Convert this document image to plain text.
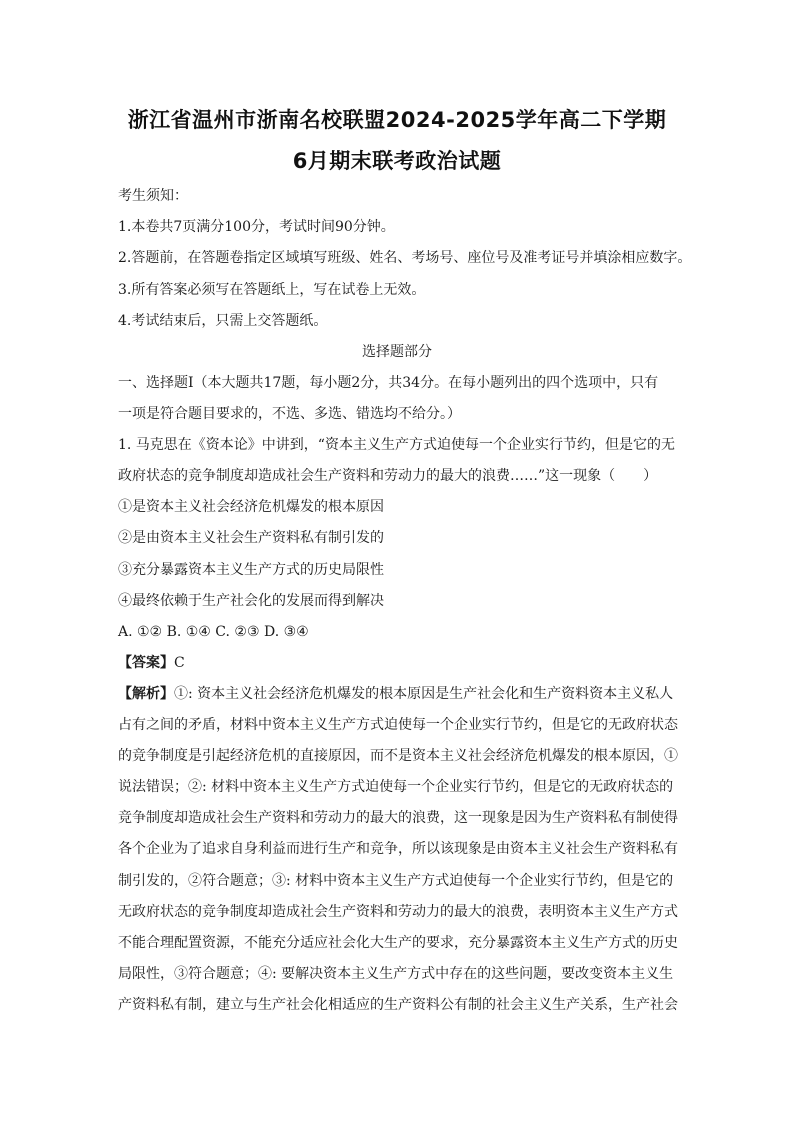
浙江省温州市浙南名校联盟2024-2025学年高二下学期
6月期末联考政治试题
考生须知：
1.本卷共7页满分100分，考试时间90分钟。
2.答题前，在答题卷指定区域填写班级、姓名、考场号、座位号及准考证号并填涂相应数字。
3.所有答案必须写在答题纸上，写在试卷上无效。
4.考试结束后，只需上交答题纸。
选择题部分
一、选择题Ⅰ（本大题共17题，每小题2分，共34分。在每小题列出的四个选项中，只有
一项是符合题目要求的，不选、多选、错选均不给分。）
1. 马克思在《资本论》中讲到，“资本主义生产方式迫使每一个企业实行节约，但是它的无
政府状态的竞争制度却造成社会生产资料和劳动力的最大的浪费……”这一现象（　　）
①是资本主义社会经济危机爆发的根本原因
②是由资本主义社会生产资料私有制引发的
③充分暴露资本主义生产方式的历史局限性
④最终依赖于生产社会化的发展而得到解决
A. ①② B. ①④ C. ②③ D. ③④
【答案】C
【解析】①: 资本主义社会经济危机爆发的根本原因是生产社会化和生产资料资本主义私人
占有之间的矛盾，材料中资本主义生产方式迫使每一个企业实行节约，但是它的无政府状态
的竞争制度是引起经济危机的直接原因，而不是资本主义社会经济危机爆发的根本原因，①
说法错误；②: 材料中资本主义生产方式迫使每一个企业实行节约，但是它的无政府状态的
竞争制度却造成社会生产资料和劳动力的最大的浪费，这一现象是因为生产资料私有制使得
各个企业为了追求自身利益而进行生产和竞争，所以该现象是由资本主义社会生产资料私有
制引发的，②符合题意；③: 材料中资本主义生产方式迫使每一个企业实行节约，但是它的
无政府状态的竞争制度却造成社会生产资料和劳动力的最大的浪费，表明资本主义生产方式
不能合理配置资源，不能充分适应社会化大生产的要求，充分暴露资本主义生产方式的历史
局限性，③符合题意；④: 要解决资本主义生产方式中存在的这些问题，要改变资本主义生
产资料私有制，建立与生产社会化相适应的生产资料公有制的社会主义生产关系，生产社会
